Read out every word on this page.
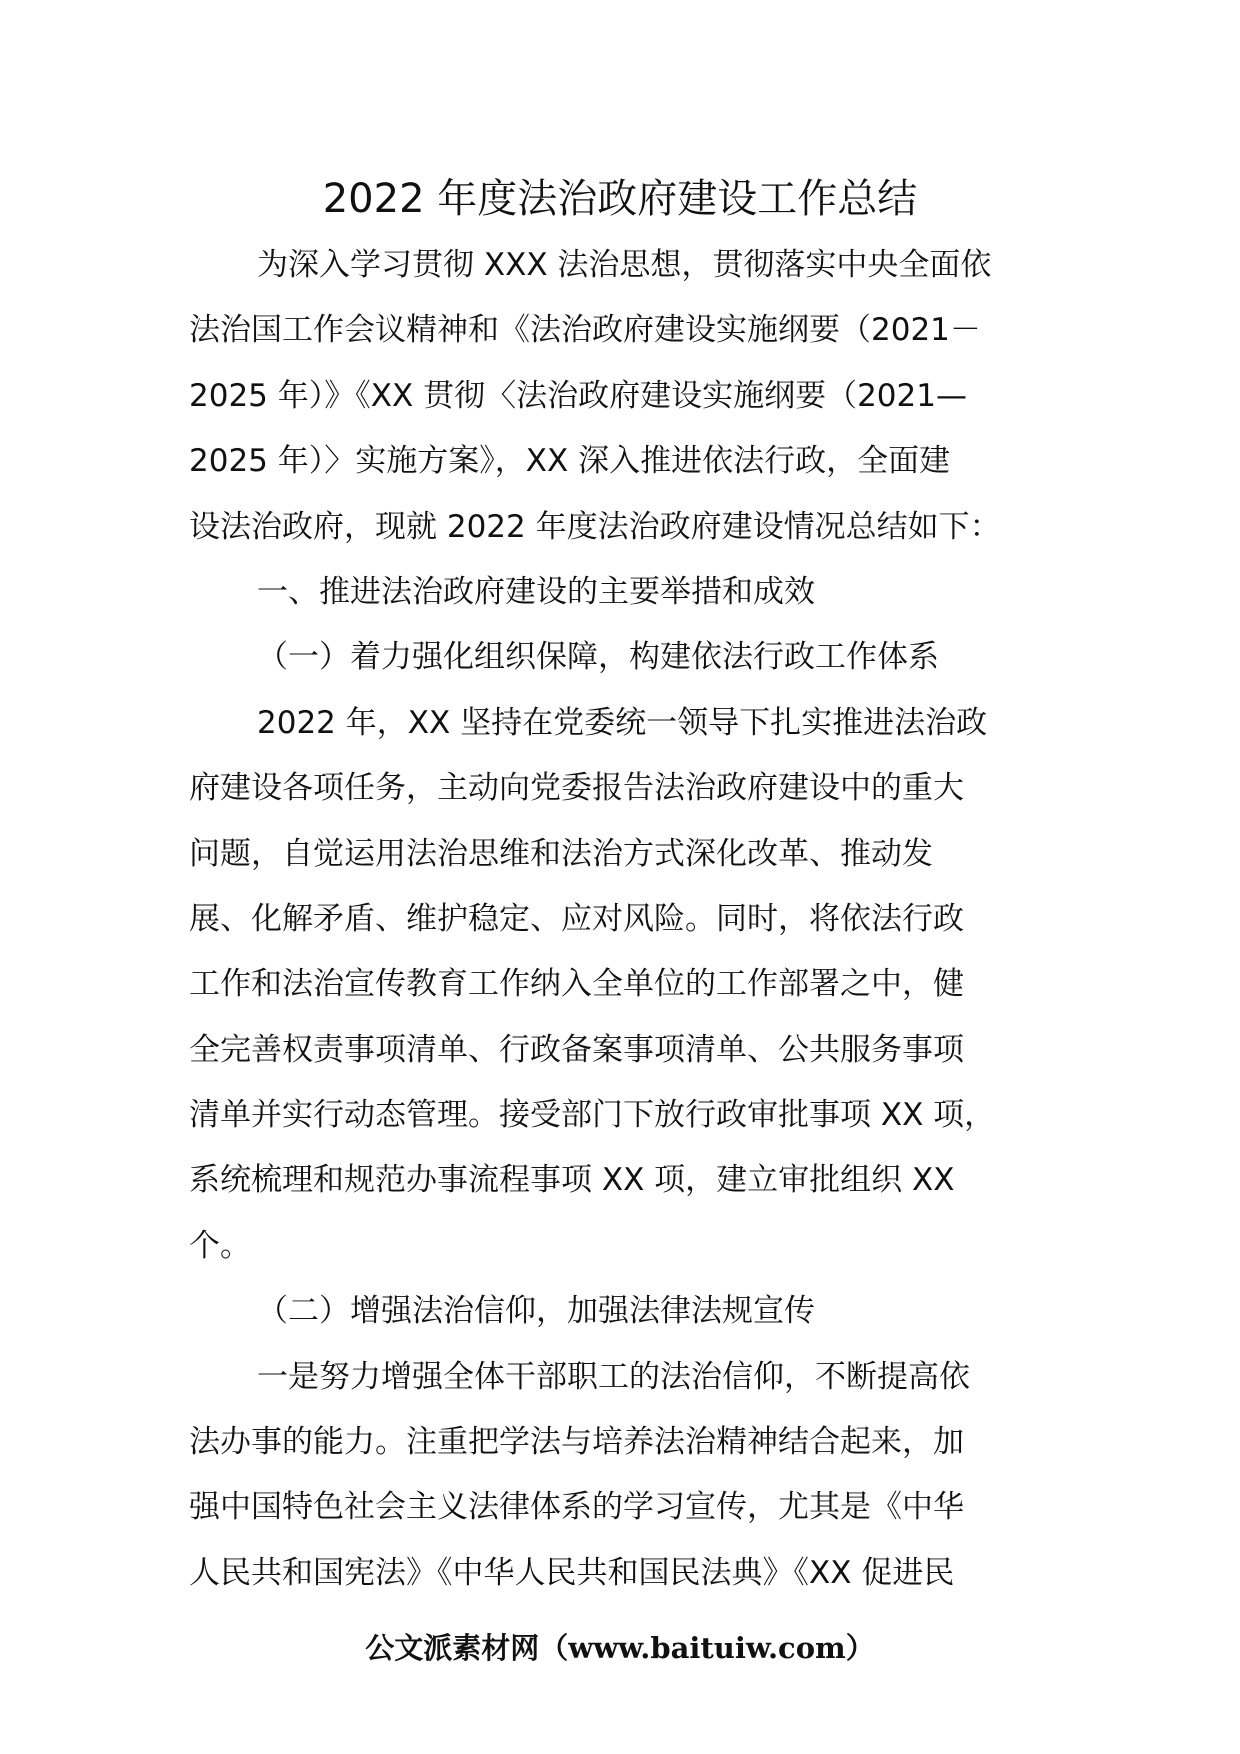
2022 年度法治政府建设工作总结
为深入学习贯彻 XXX 法治思想，贯彻落实中央全面依
法治国工作会议精神和《法治政府建设实施纲要（2021－
2025 年）》《XX 贯彻〈法治政府建设实施纲要（2021—
2025 年）〉实施方案》，XX 深入推进依法行政，全面建
设法治政府，现就 2022 年度法治政府建设情况总结如下：
一、推进法治政府建设的主要举措和成效
（一）着力强化组织保障，构建依法行政工作体系
2022 年，XX 坚持在党委统一领导下扎实推进法治政
府建设各项任务，主动向党委报告法治政府建设中的重大
问题，自觉运用法治思维和法治方式深化改革、推动发
展、化解矛盾、维护稳定、应对风险。同时，将依法行政
工作和法治宣传教育工作纳入全单位的工作部署之中，健
全完善权责事项清单、行政备案事项清单、公共服务事项
清单并实行动态管理。接受部门下放行政审批事项 XX 项，
系统梳理和规范办事流程事项 XX 项，建立审批组织 XX
个。
（二）增强法治信仰，加强法律法规宣传
一是努力增强全体干部职工的法治信仰，不断提高依
法办事的能力。注重把学法与培养法治精神结合起来，加
强中国特色社会主义法律体系的学习宣传，尤其是《中华
人民共和国宪法》《中华人民共和国民法典》《XX 促进民
公文派素材网（www.baituiw.com）
